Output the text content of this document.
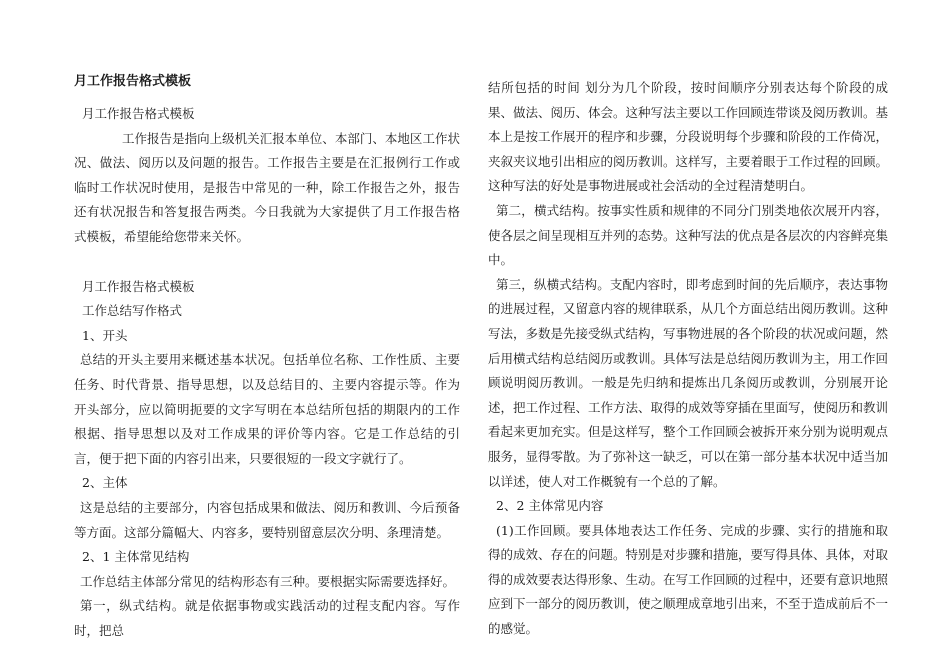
月工作报告格式模板

月工作报告格式模板

工作报告是指向上级机关汇报本单位、本部门、本地区工作状况、做法、阅历以及问题的报告。工作报告主要是在汇报例行工作或临时工作状况时使用，是报告中常见的一种，除工作报告之外，报告还有状况报告和答复报告两类。今日我就为大家提供了月工作报告格式模板，希望能给您带来关怀。

月工作报告格式模板

工作总结写作格式

1、开头

总结的开头主要用来概述基本状况。包括单位名称、工作性质、主要任务、时代背景、指导思想，以及总结目的、主要内容提示等。作为开头部分，应以简明扼要的文字写明在本总结所包括的期限内的工作根据、指导思想以及对工作成果的评价等内容。它是工作总结的引言，便于把下面的内容引出来，只要很短的一段文字就行了。

2、主体

这是总结的主要部分，内容包括成果和做法、阅历和教训、今后预备等方面。这部分篇幅大、内容多，要特别留意层次分明、条理清楚。

2、1 主体常见结构

工作总结主体部分常见的结构形态有三种。要根据实际需要选择好。

第一，纵式结构。就是依据事物或实践活动的过程支配内容。写作时，把总

结所包括的时间 划分为几个阶段，按时间顺序分别表达每个阶段的成果、做法、阅历、体会。这种写法主要以工作回顾连带谈及阅历教训。基本上是按工作展开的程序和步骤，分段说明每个步骤和阶段的工作倚况，夹叙夹议地引出相应的阅历教训。这样写，主要着眼于工作过程的回顾。这种写法的好处是事物进展或社会活动的全过程清楚明白。

第二，横式结构。按事实性质和规律的不同分门别类地依次展开内容，使各层之间呈现相互并列的态势。这种写法的优点是各层次的内容鲜亮集中。

第三，纵横式结构。支配内容时，即考虑到时间的先后顺序，表达事物的进展过程，又留意内容的规律联系，从几个方面总结出阅历教训。这种写法，多数是先接受纵式结构，写事物进展的各个阶段的状况或问题，然后用横式结构总结阅历或教训。具体写法是总结阅历教训为主，用工作回顾说明阅历教训。一般是先归纳和提炼出几条阅历或教训，分别展开论述，把工作过程、工作方法、取得的成效等穿插在里面写，使阅历和教训看起来更加充实。但是这样写，整个工作回顾会被拆开來分别为说明观点服务，显得零散。为了弥补这一缺乏，可以在第一部分基本状况中适当加以详述，使人对工作概貌有一个总的了解。

2、2 主体常见内容

(1)工作回顾。要具体地表达工作任务、完成的步骤、实行的措施和取得的成效、存在的问题。特别是对步骤和措施，要写得具体、具体，对取得的成效要表达得形象、生动。在写工作回顾的过程中，还要有意识地照应到下一部分的阅历教训，使之顺理成章地引出来，不至于造成前后不一的感觉。
